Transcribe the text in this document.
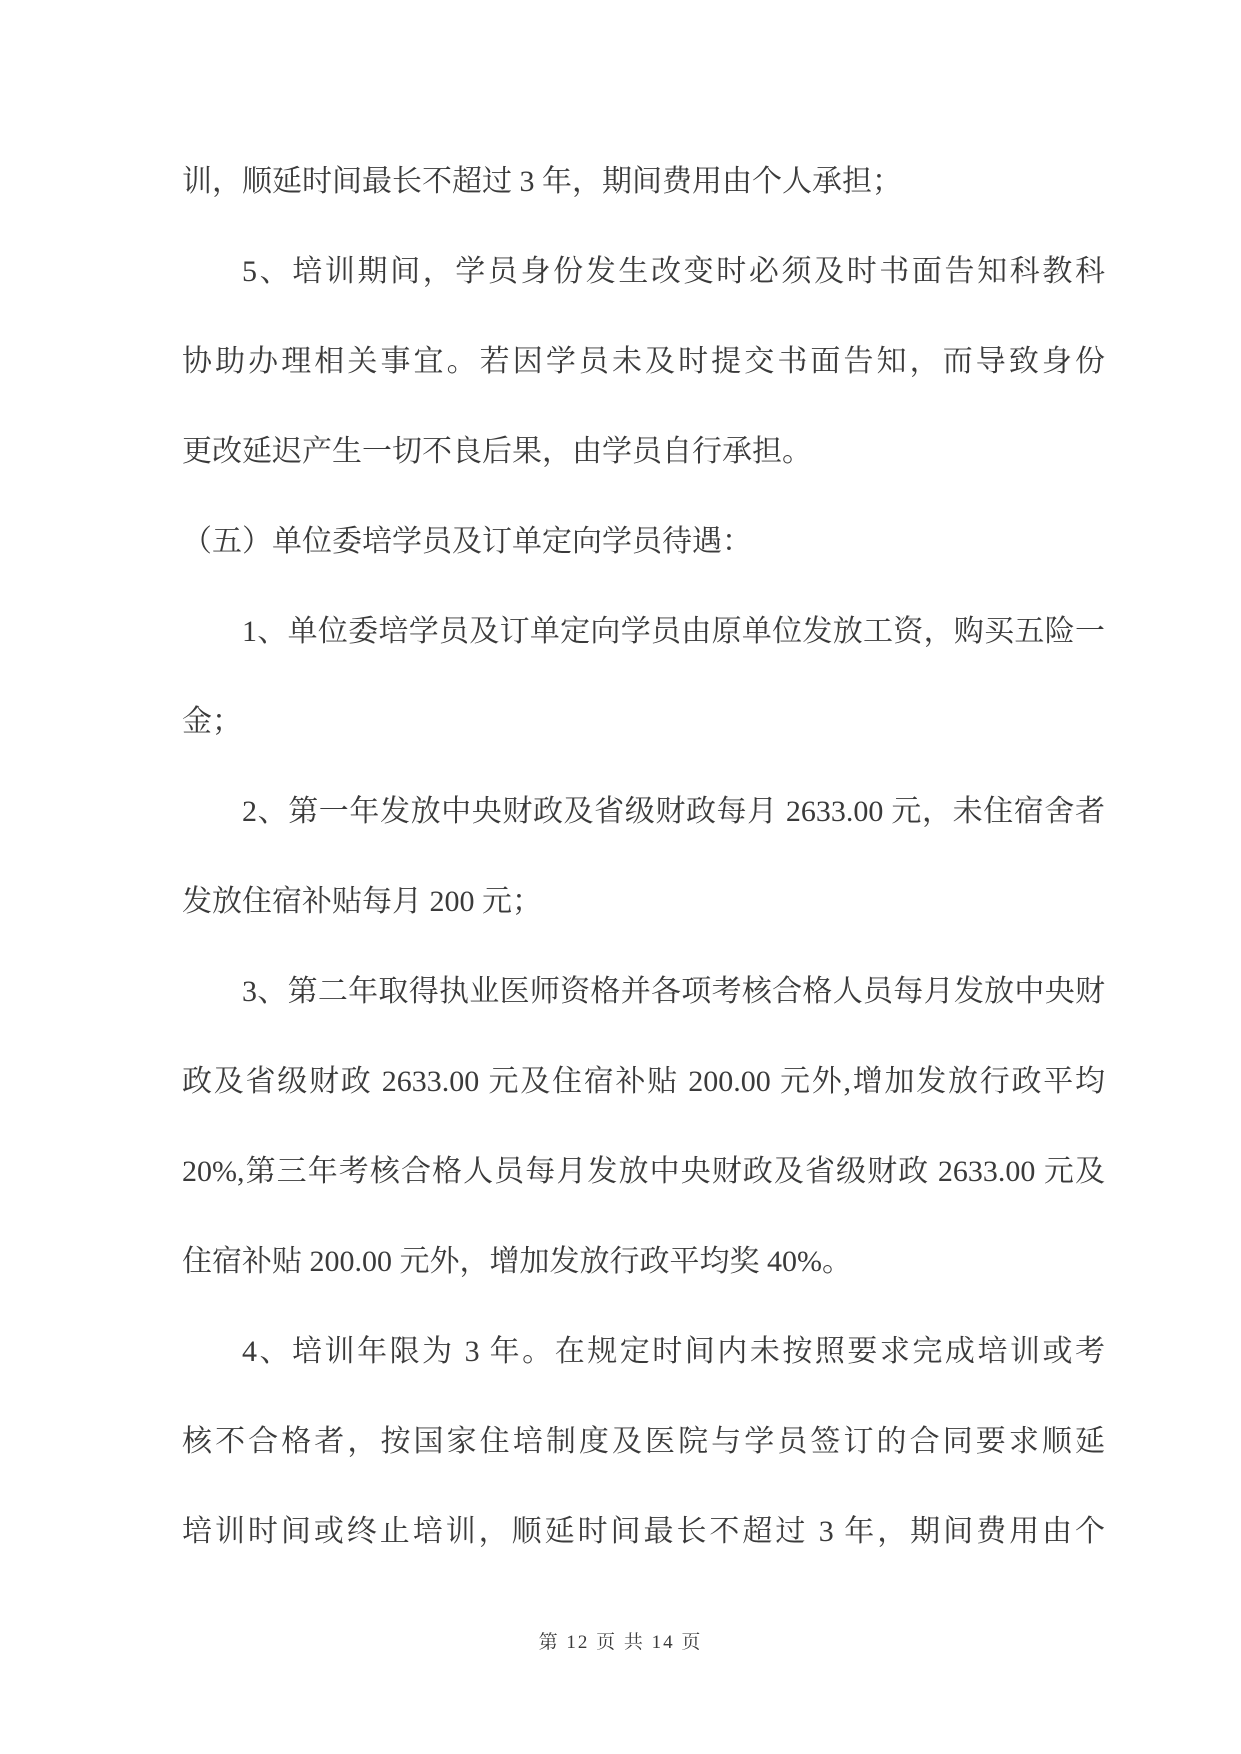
训，顺延时间最长不超过 3 年，期间费用由个人承担；
5、培训期间，学员身份发生改变时必须及时书面告知科教科
协助办理相关事宜。若因学员未及时提交书面告知，而导致身份
更改延迟产生一切不良后果，由学员自行承担。
（五）单位委培学员及订单定向学员待遇：
1、单位委培学员及订单定向学员由原单位发放工资，购买五险一
金；
2、第一年发放中央财政及省级财政每月 2633.00 元，未住宿舍者
发放住宿补贴每月 200 元；
3、第二年取得执业医师资格并各项考核合格人员每月发放中央财
政及省级财政 2633.00 元及住宿补贴 200.00 元外,增加发放行政平均
20%,第三年考核合格人员每月发放中央财政及省级财政 2633.00 元及
住宿补贴 200.00 元外，增加发放行政平均奖 40%。
4、培训年限为 3 年。在规定时间内未按照要求完成培训或考
核不合格者，按国家住培制度及医院与学员签订的合同要求顺延
培训时间或终止培训，顺延时间最长不超过 3 年，期间费用由个
第 12 页 共 14 页
